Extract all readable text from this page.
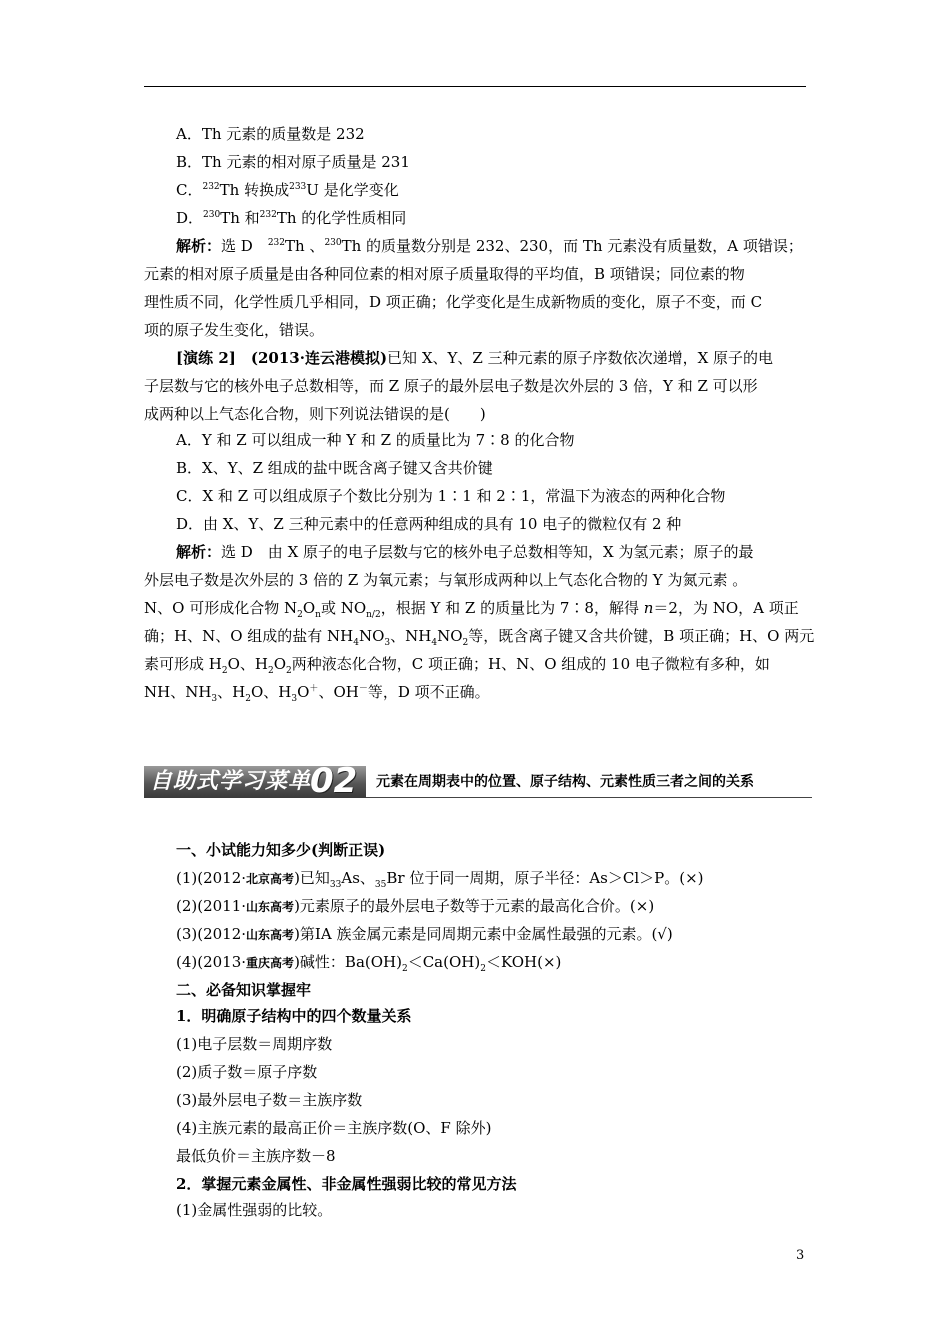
A．Th 元素的质量数是 232
B．Th 元素的相对原子质量是 231
C．$^{232}$Th 转换成$^{233}$U 是化学变化
D．$^{230}$Th 和$^{232}$Th 的化学性质相同
解析：选 D　$^{232}$Th 、$^{230}$Th 的质量数分别是 232、230，而 Th 元素没有质量数，A 项错误；
元素的相对原子质量是由各种同位素的相对原子质量取得的平均值，B 项错误；同位素的物
理性质不同，化学性质几乎相同，D 项正确；化学变化是生成新物质的变化，原子不变，而 C
项的原子发生变化，错误。
[演练 2]　 (2013·连云港模拟)已知 X、Y、Z 三种元素的原子序数依次递增，X 原子的电
子层数与它的核外电子总数相等，而 Z 原子的最外层电子数是次外层的 3 倍，Y 和 Z 可以形
成两种以上气态化合物，则下列说法错误的是(　　)
A．Y 和 Z 可以组成一种 Y 和 Z 的质量比为 7∶8 的化合物
B．X、Y、Z 组成的盐中既含离子键又含共价键
C．X 和 Z 可以组成原子个数比分别为 1∶1 和 2∶1，常温下为液态的两种化合物
D．由 X、Y、Z 三种元素中的任意两种组成的具有 10 电子的微粒仅有 2 种
解析：选 D　由 X 原子的电子层数与它的核外电子总数相等知，X 为氢元素；原子的最
外层电子数是次外层的 3 倍的 Z 为氧元素；与氧形成两种以上气态化合物的 Y 为氮元素 。
N、O 可形成化合物 $N_2O_n$或 $NO_{n/2}$，根据 Y 和 Z 的质量比为 7∶8，解得 n＝2，为 NO，A 项正
确；H、N、O 组成的盐有 $NH_4NO_3$、$NH_4NO_2$等，既含离子键又含共价键，B 项正确；H、O 两元
素可形成 $H_2O$、$H_2O_2$两种液态化合物，C 项正确；H、N、O 组成的 10 电子微粒有多种，如
NH、$NH_3$、$H_2O$、$H_3O^+$、OH－等，D 项不正确。
自助式学习菜单
02 元素在周期表中的位置、原子结构、元素性质三者之间的关系
一、小试能力知多少(判断正误)
(1)(2012·北京高考)已知$_{33}$As、$_{35}$Br 位于同一周期，原子半径：As＞Cl＞P。(×)
(2)(2011·山东高考)元素原子的最外层电子数等于元素的最高化合价。(×)
(3)(2012·山东高考)第ⅠA 族金属元素是同周期元素中金属性最强的元素。(√)
(4)(2013·重庆高考)碱性：$Ba(OH)_2<Ca(OH)_2<KOH(\times)$
二、必备知识掌握牢
1．明确原子结构中的四个数量关系
(1)电子层数＝周期序数
(2)质子数＝原子序数
(3)最外层电子数＝主族序数
(4)主族元素的最高正价＝主族序数(O、F 除外)
最低负价＝主族序数－8
2．掌握元素金属性、非金属性强弱比较的常见方法
(1)金属性强弱的比较。
3
